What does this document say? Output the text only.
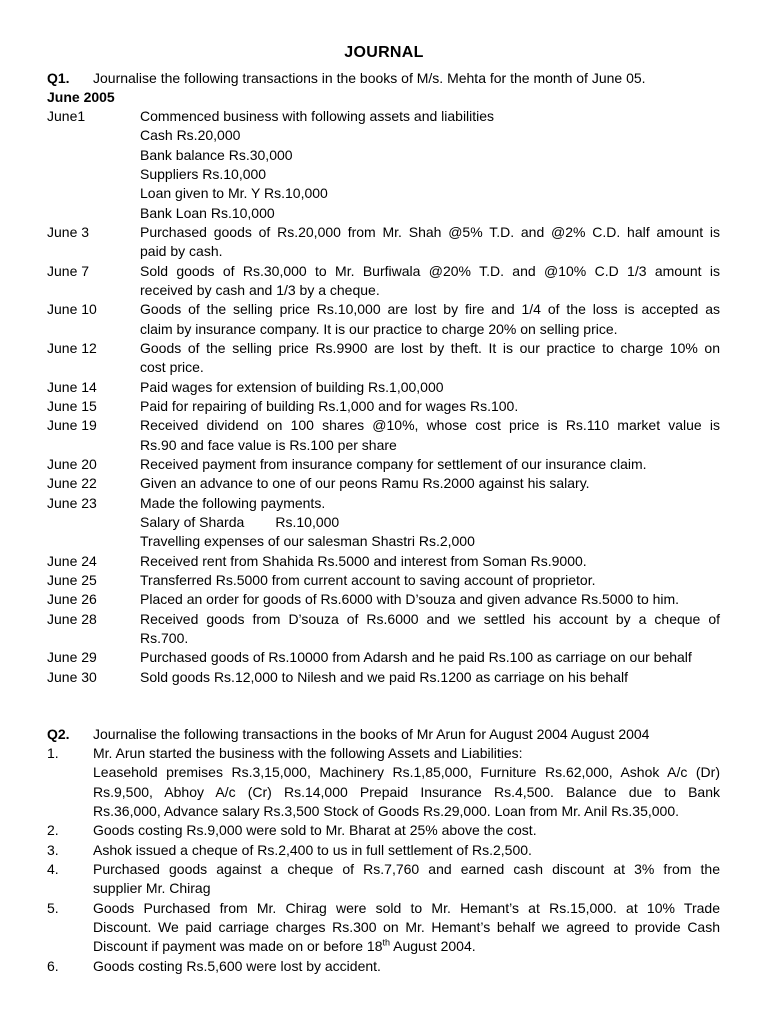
JOURNAL
Q1. Journalise the following transactions in the books of M/s. Mehta for the month of June 05.
June 2005
June1	Commenced business with following assets and liabilities
Cash Rs.20,000
Bank balance Rs.30,000
Suppliers Rs.10,000
Loan given to Mr. Y Rs.10,000
Bank Loan Rs.10,000
June 3	Purchased goods of Rs.20,000 from Mr. Shah @5% T.D. and @2% C.D. half amount is
paid by cash.
June 7	Sold goods of Rs.30,000 to Mr. Burfiwala @20% T.D. and @10% C.D 1/3 amount is
received by cash and 1/3 by a cheque.
June 10	Goods of the selling price Rs.10,000 are lost by fire and 1/4 of the loss is accepted as
claim by insurance company. It is our practice to charge 20% on selling price.
June 12	Goods of the selling price Rs.9900 are lost by theft. It is our practice to charge 10% on
cost price.
June 14	Paid wages for extension of building Rs.1,00,000
June 15	Paid for repairing of building Rs.1,000 and for wages Rs.100.
June 19	Received dividend on 100 shares @10%, whose cost price is Rs.110 market value is
Rs.90 and face value is Rs.100 per share
June 20	Received payment from insurance company for settlement of our insurance claim.
June 22	Given an advance to one of our peons Ramu Rs.2000 against his salary.
June 23	Made the following payments.
Salary of Sharda        Rs.10,000
Travelling expenses of our salesman Shastri Rs.2,000
June 24	Received rent from Shahida Rs.5000 and interest from Soman Rs.9000.
June 25	Transferred Rs.5000 from current account to saving account of proprietor.
June 26	Placed an order for goods of Rs.6000 with D’souza and given advance Rs.5000 to him.
June 28	Received goods from D’souza of Rs.6000 and we settled his account by a cheque of
Rs.700.
June 29	Purchased goods of Rs.10000 from Adarsh and he paid Rs.100 as carriage on our behalf
June 30	Sold goods Rs.12,000 to Nilesh and we paid Rs.1200 as carriage on his behalf
Q2. Journalise the following transactions in the books of Mr Arun for August 2004 August 2004
1. Mr. Arun started the business with the following Assets and Liabilities:
Leasehold premises Rs.3,15,000, Machinery Rs.1,85,000, Furniture Rs.62,000, Ashok A/c (Dr)
Rs.9,500, Abhoy A/c (Cr) Rs.14,000 Prepaid Insurance Rs.4,500. Balance due to Bank
Rs.36,000, Advance salary Rs.3,500 Stock of Goods Rs.29,000. Loan from Mr. Anil Rs.35,000.
2. Goods costing Rs.9,000 were sold to Mr. Bharat at 25% above the cost.
3. Ashok issued a cheque of Rs.2,400 to us in full settlement of Rs.2,500.
4. Purchased goods against a cheque of Rs.7,760 and earned cash discount at 3% from the
supplier Mr. Chirag
5. Goods Purchased from Mr. Chirag were sold to Mr. Hemant’s at Rs.15,000. at 10% Trade
Discount. We paid carriage charges Rs.300 on Mr. Hemant’s behalf we agreed to provide Cash
Discount if payment was made on or before 18th August 2004.
6. Goods costing Rs.5,600 were lost by accident.
